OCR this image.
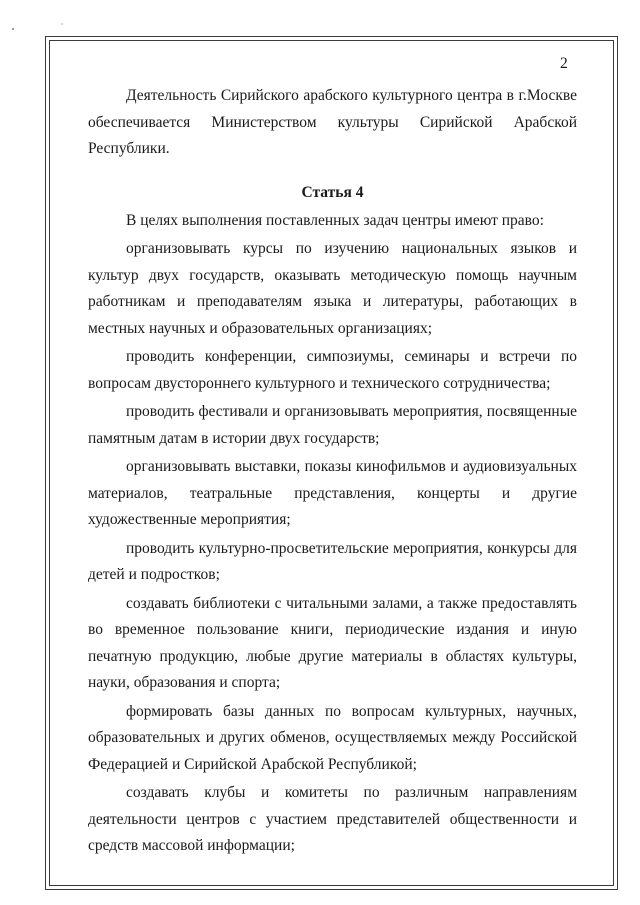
2

Деятельность Сирийского арабского культурного центра в г.Москве обеспечивается Министерством культуры Сирийской Арабской Республики.

Статья 4

В целях выполнения поставленных задач центры имеют право:

организовывать курсы по изучению национальных языков и культур двух государств, оказывать методическую помощь научным работникам и преподавателям языка и литературы, работающих в местных научных и образовательных организациях;

проводить конференции, симпозиумы, семинары и встречи по вопросам двустороннего культурного и технического сотрудничества;

проводить фестивали и организовывать мероприятия, посвященные памятным датам в истории двух государств;

организовывать выставки, показы кинофильмов и аудиовизуальных материалов, театральные представления, концерты и другие художественные мероприятия;

проводить культурно-просветительские мероприятия, конкурсы для детей и подростков;

создавать библиотеки с читальными залами, а также предоставлять во временное пользование книги, периодические издания и иную печатную продукцию, любые другие материалы в областях культуры, науки, образования и спорта;

формировать базы данных по вопросам культурных, научных, образовательных и других обменов, осуществляемых между Российской Федерацией и Сирийской Арабской Республикой;

создавать клубы и комитеты по различным направлениям деятельности центров с участием представителей общественности и средств массовой информации;
